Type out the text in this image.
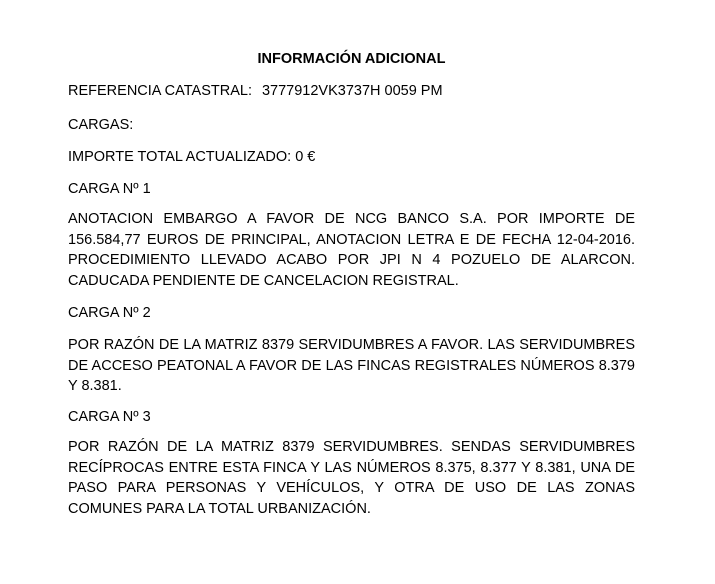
INFORMACIÓN ADICIONAL
REFERENCIA CATASTRAL: 3777912VK3737H 0059 PM
CARGAS:
IMPORTE TOTAL ACTUALIZADO: 0 €
CARGA Nº 1
ANOTACION EMBARGO A FAVOR DE NCG BANCO S.A. POR IMPORTE DE 156.584,77 EUROS DE PRINCIPAL, ANOTACION LETRA E DE FECHA 12-04-2016. PROCEDIMIENTO LLEVADO ACABO POR JPI N 4 POZUELO DE ALARCON. CADUCADA PENDIENTE DE CANCELACION REGISTRAL.
CARGA Nº 2
POR RAZÓN DE LA MATRIZ 8379 SERVIDUMBRES A FAVOR. LAS SERVIDUMBRES DE ACCESO PEATONAL A FAVOR DE LAS FINCAS REGISTRALES NÚMEROS 8.379 Y 8.381.
CARGA Nº 3
POR RAZÓN DE LA MATRIZ 8379 SERVIDUMBRES. SENDAS SERVIDUMBRES RECÍPROCAS ENTRE ESTA FINCA Y LAS NÚMEROS 8.375, 8.377 Y 8.381, UNA DE PASO PARA PERSONAS Y VEHÍCULOS, Y OTRA DE USO DE LAS ZONAS COMUNES PARA LA TOTAL URBANIZACIÓN.
